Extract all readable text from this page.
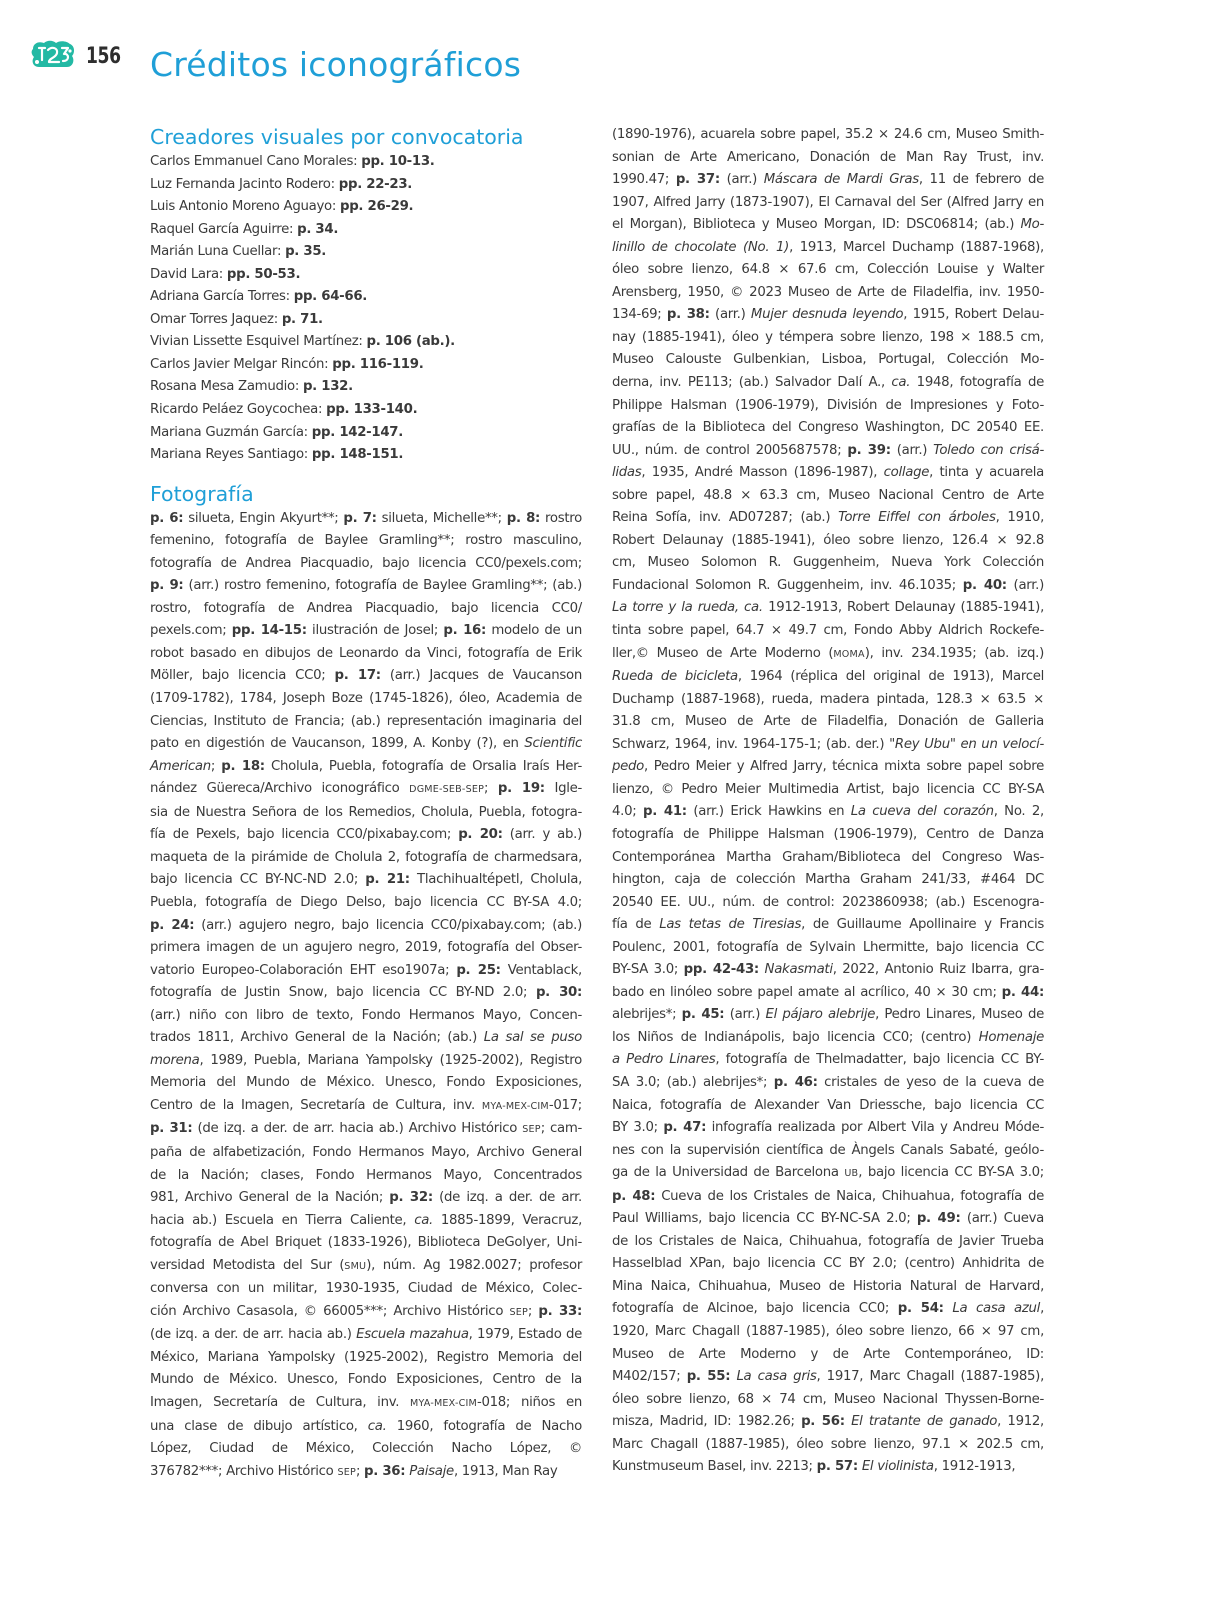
156 Créditos iconográficos
Creadores visuales por convocatoria
Carlos Emmanuel Cano Morales: pp. 10-13.
Luz Fernanda Jacinto Rodero: pp. 22-23.
Luis Antonio Moreno Aguayo: pp. 26-29.
Raquel García Aguirre: p. 34.
Marián Luna Cuellar: p. 35.
David Lara: pp. 50-53.
Adriana García Torres: pp. 64-66.
Omar Torres Jaquez: p. 71.
Vivian Lissette Esquivel Martínez: p. 106 (ab.).
Carlos Javier Melgar Rincón: pp. 116-119.
Rosana Mesa Zamudio: p. 132.
Ricardo Peláez Goycochea: pp. 133-140.
Mariana Guzmán García: pp. 142-147.
Mariana Reyes Santiago: pp. 148-151.
Fotografía
p. 6: silueta, Engin Akyurt**; p. 7: silueta, Michelle**; p. 8: rostro
femenino, fotografía de Baylee Gramling**; rostro masculino,
fotografía de Andrea Piacquadio, bajo licencia CC0/pexels.com;
p. 9: (arr.) rostro femenino, fotografía de Baylee Gramling**; (ab.)
rostro, fotografía de Andrea Piacquadio, bajo licencia CC0/
pexels.com; pp. 14-15: ilustración de Josel; p. 16: modelo de un
robot basado en dibujos de Leonardo da Vinci, fotografía de Erik
Möller, bajo licencia CC0; p. 17: (arr.) Jacques de Vaucanson
(1709-1782), 1784, Joseph Boze (1745-1826), óleo, Academia de
Ciencias, Instituto de Francia; (ab.) representación imaginaria del
pato en digestión de Vaucanson, 1899, A. Konby (?), en Scientific
American; p. 18: Cholula, Puebla, fotografía de Orsalia Iraís Her-
nández Güereca/Archivo iconográfico DGME-SEB-SEP; p. 19: Igle-
sia de Nuestra Señora de los Remedios, Cholula, Puebla, fotogra-
fía de Pexels, bajo licencia CC0/pixabay.com; p. 20: (arr. y ab.)
maqueta de la pirámide de Cholula 2, fotografía de charmedsara,
bajo licencia CC BY-NC-ND 2.0; p. 21: Tlachihualtépetl, Cholula,
Puebla, fotografía de Diego Delso, bajo licencia CC BY-SA 4.0;
p. 24: (arr.) agujero negro, bajo licencia CC0/pixabay.com; (ab.)
primera imagen de un agujero negro, 2019, fotografía del Obser-
vatorio Europeo-Colaboración EHT eso1907a; p. 25: Ventablack,
fotografía de Justin Snow, bajo licencia CC BY-ND 2.0; p. 30:
(arr.) niño con libro de texto, Fondo Hermanos Mayo, Concen-
trados 1811, Archivo General de la Nación; (ab.) La sal se puso
morena, 1989, Puebla, Mariana Yampolsky (1925-2002), Registro
Memoria del Mundo de México. Unesco, Fondo Exposiciones,
Centro de la Imagen, Secretaría de Cultura, inv. MYA-MEX-CIM-017;
p. 31: (de izq. a der. de arr. hacia ab.) Archivo Histórico SEP; cam-
paña de alfabetización, Fondo Hermanos Mayo, Archivo General
de la Nación; clases, Fondo Hermanos Mayo, Concentrados
981, Archivo General de la Nación; p. 32: (de izq. a der. de arr.
hacia ab.) Escuela en Tierra Caliente, ca. 1885-1899, Veracruz,
fotografía de Abel Briquet (1833-1926), Biblioteca DeGolyer, Uni-
versidad Metodista del Sur (SMU), núm. Ag 1982.0027; profesor
conversa con un militar, 1930-1935, Ciudad de México, Colec-
ción Archivo Casasola, © 66005***; Archivo Histórico SEP; p. 33:
(de izq. a der. de arr. hacia ab.) Escuela mazahua, 1979, Estado de
México, Mariana Yampolsky (1925-2002), Registro Memoria del
Mundo de México. Unesco, Fondo Exposiciones, Centro de la
Imagen, Secretaría de Cultura, inv. MYA-MEX-CIM-018; niños en
una clase de dibujo artístico, ca. 1960, fotografía de Nacho
López, Ciudad de México, Colección Nacho López, ©
376782***; Archivo Histórico SEP; p. 36: Paisaje, 1913, Man Ray
(1890-1976), acuarela sobre papel, 35.2 × 24.6 cm, Museo Smith-
sonian de Arte Americano, Donación de Man Ray Trust, inv.
1990.47; p. 37: (arr.) Máscara de Mardi Gras, 11 de febrero de
1907, Alfred Jarry (1873-1907), El Carnaval del Ser (Alfred Jarry en
el Morgan), Biblioteca y Museo Morgan, ID: DSC06814; (ab.) Mo-
linillo de chocolate (No. 1), 1913, Marcel Duchamp (1887-1968),
óleo sobre lienzo, 64.8 × 67.6 cm, Colección Louise y Walter
Arensberg, 1950, © 2023 Museo de Arte de Filadelfia, inv. 1950-
134-69; p. 38: (arr.) Mujer desnuda leyendo, 1915, Robert Delau-
nay (1885-1941), óleo y témpera sobre lienzo, 198 × 188.5 cm,
Museo Calouste Gulbenkian, Lisboa, Portugal, Colección Mo-
derna, inv. PE113; (ab.) Salvador Dalí A., ca. 1948, fotografía de
Philippe Halsman (1906-1979), División de Impresiones y Foto-
grafías de la Biblioteca del Congreso Washington, DC 20540 EE.
UU., núm. de control 2005687578; p. 39: (arr.) Toledo con crisá-
lidas, 1935, André Masson (1896-1987), collage, tinta y acuarela
sobre papel, 48.8 × 63.3 cm, Museo Nacional Centro de Arte
Reina Sofía, inv. AD07287; (ab.) Torre Eiffel con árboles, 1910,
Robert Delaunay (1885-1941), óleo sobre lienzo, 126.4 × 92.8
cm, Museo Solomon R. Guggenheim, Nueva York Colección
Fundacional Solomon R. Guggenheim, inv. 46.1035; p. 40: (arr.)
La torre y la rueda, ca. 1912-1913, Robert Delaunay (1885-1941),
tinta sobre papel, 64.7 × 49.7 cm, Fondo Abby Aldrich Rockefe-
ller,© Museo de Arte Moderno (MOMA), inv. 234.1935; (ab. izq.)
Rueda de bicicleta, 1964 (réplica del original de 1913), Marcel
Duchamp (1887-1968), rueda, madera pintada, 128.3 × 63.5 ×
31.8 cm, Museo de Arte de Filadelfia, Donación de Galleria
Schwarz, 1964, inv. 1964-175-1; (ab. der.) "Rey Ubu" en un velocí-
pedo, Pedro Meier y Alfred Jarry, técnica mixta sobre papel sobre
lienzo, © Pedro Meier Multimedia Artist, bajo licencia CC BY-SA
4.0; p. 41: (arr.) Erick Hawkins en La cueva del corazón, No. 2,
fotografía de Philippe Halsman (1906-1979), Centro de Danza
Contemporánea Martha Graham/Biblioteca del Congreso Was-
hington, caja de colección Martha Graham 241/33, #464 DC
20540 EE. UU., núm. de control: 2023860938; (ab.) Escenogra-
fía de Las tetas de Tiresias, de Guillaume Apollinaire y Francis
Poulenc, 2001, fotografía de Sylvain Lhermitte, bajo licencia CC
BY-SA 3.0; pp. 42-43: Nakasmati, 2022, Antonio Ruiz Ibarra, gra-
bado en linóleo sobre papel amate al acrílico, 40 × 30 cm; p. 44:
alebrijes*; p. 45: (arr.) El pájaro alebrije, Pedro Linares, Museo de
los Niños de Indianápolis, bajo licencia CC0; (centro) Homenaje
a Pedro Linares, fotografía de Thelmadatter, bajo licencia CC BY-
SA 3.0; (ab.) alebrijes*; p. 46: cristales de yeso de la cueva de
Naica, fotografía de Alexander Van Driessche, bajo licencia CC
BY 3.0; p. 47: infografía realizada por Albert Vila y Andreu Móde-
nes con la supervisión científica de Àngels Canals Sabaté, geólo-
ga de la Universidad de Barcelona UB, bajo licencia CC BY-SA 3.0;
p. 48: Cueva de los Cristales de Naica, Chihuahua, fotografía de
Paul Williams, bajo licencia CC BY-NC-SA 2.0; p. 49: (arr.) Cueva
de los Cristales de Naica, Chihuahua, fotografía de Javier Trueba
Hasselblad XPan, bajo licencia CC BY 2.0; (centro) Anhidrita de
Mina Naica, Chihuahua, Museo de Historia Natural de Harvard,
fotografía de Alcinoe, bajo licencia CC0; p. 54: La casa azul,
1920, Marc Chagall (1887-1985), óleo sobre lienzo, 66 × 97 cm,
Museo de Arte Moderno y de Arte Contemporáneo, ID:
M402/157; p. 55: La casa gris, 1917, Marc Chagall (1887-1985),
óleo sobre lienzo, 68 × 74 cm, Museo Nacional Thyssen-Borne-
misza, Madrid, ID: 1982.26; p. 56: El tratante de ganado, 1912,
Marc Chagall (1887-1985), óleo sobre lienzo, 97.1 × 202.5 cm,
Kunstmuseum Basel, inv. 2213; p. 57: El violinista, 1912-1913,
